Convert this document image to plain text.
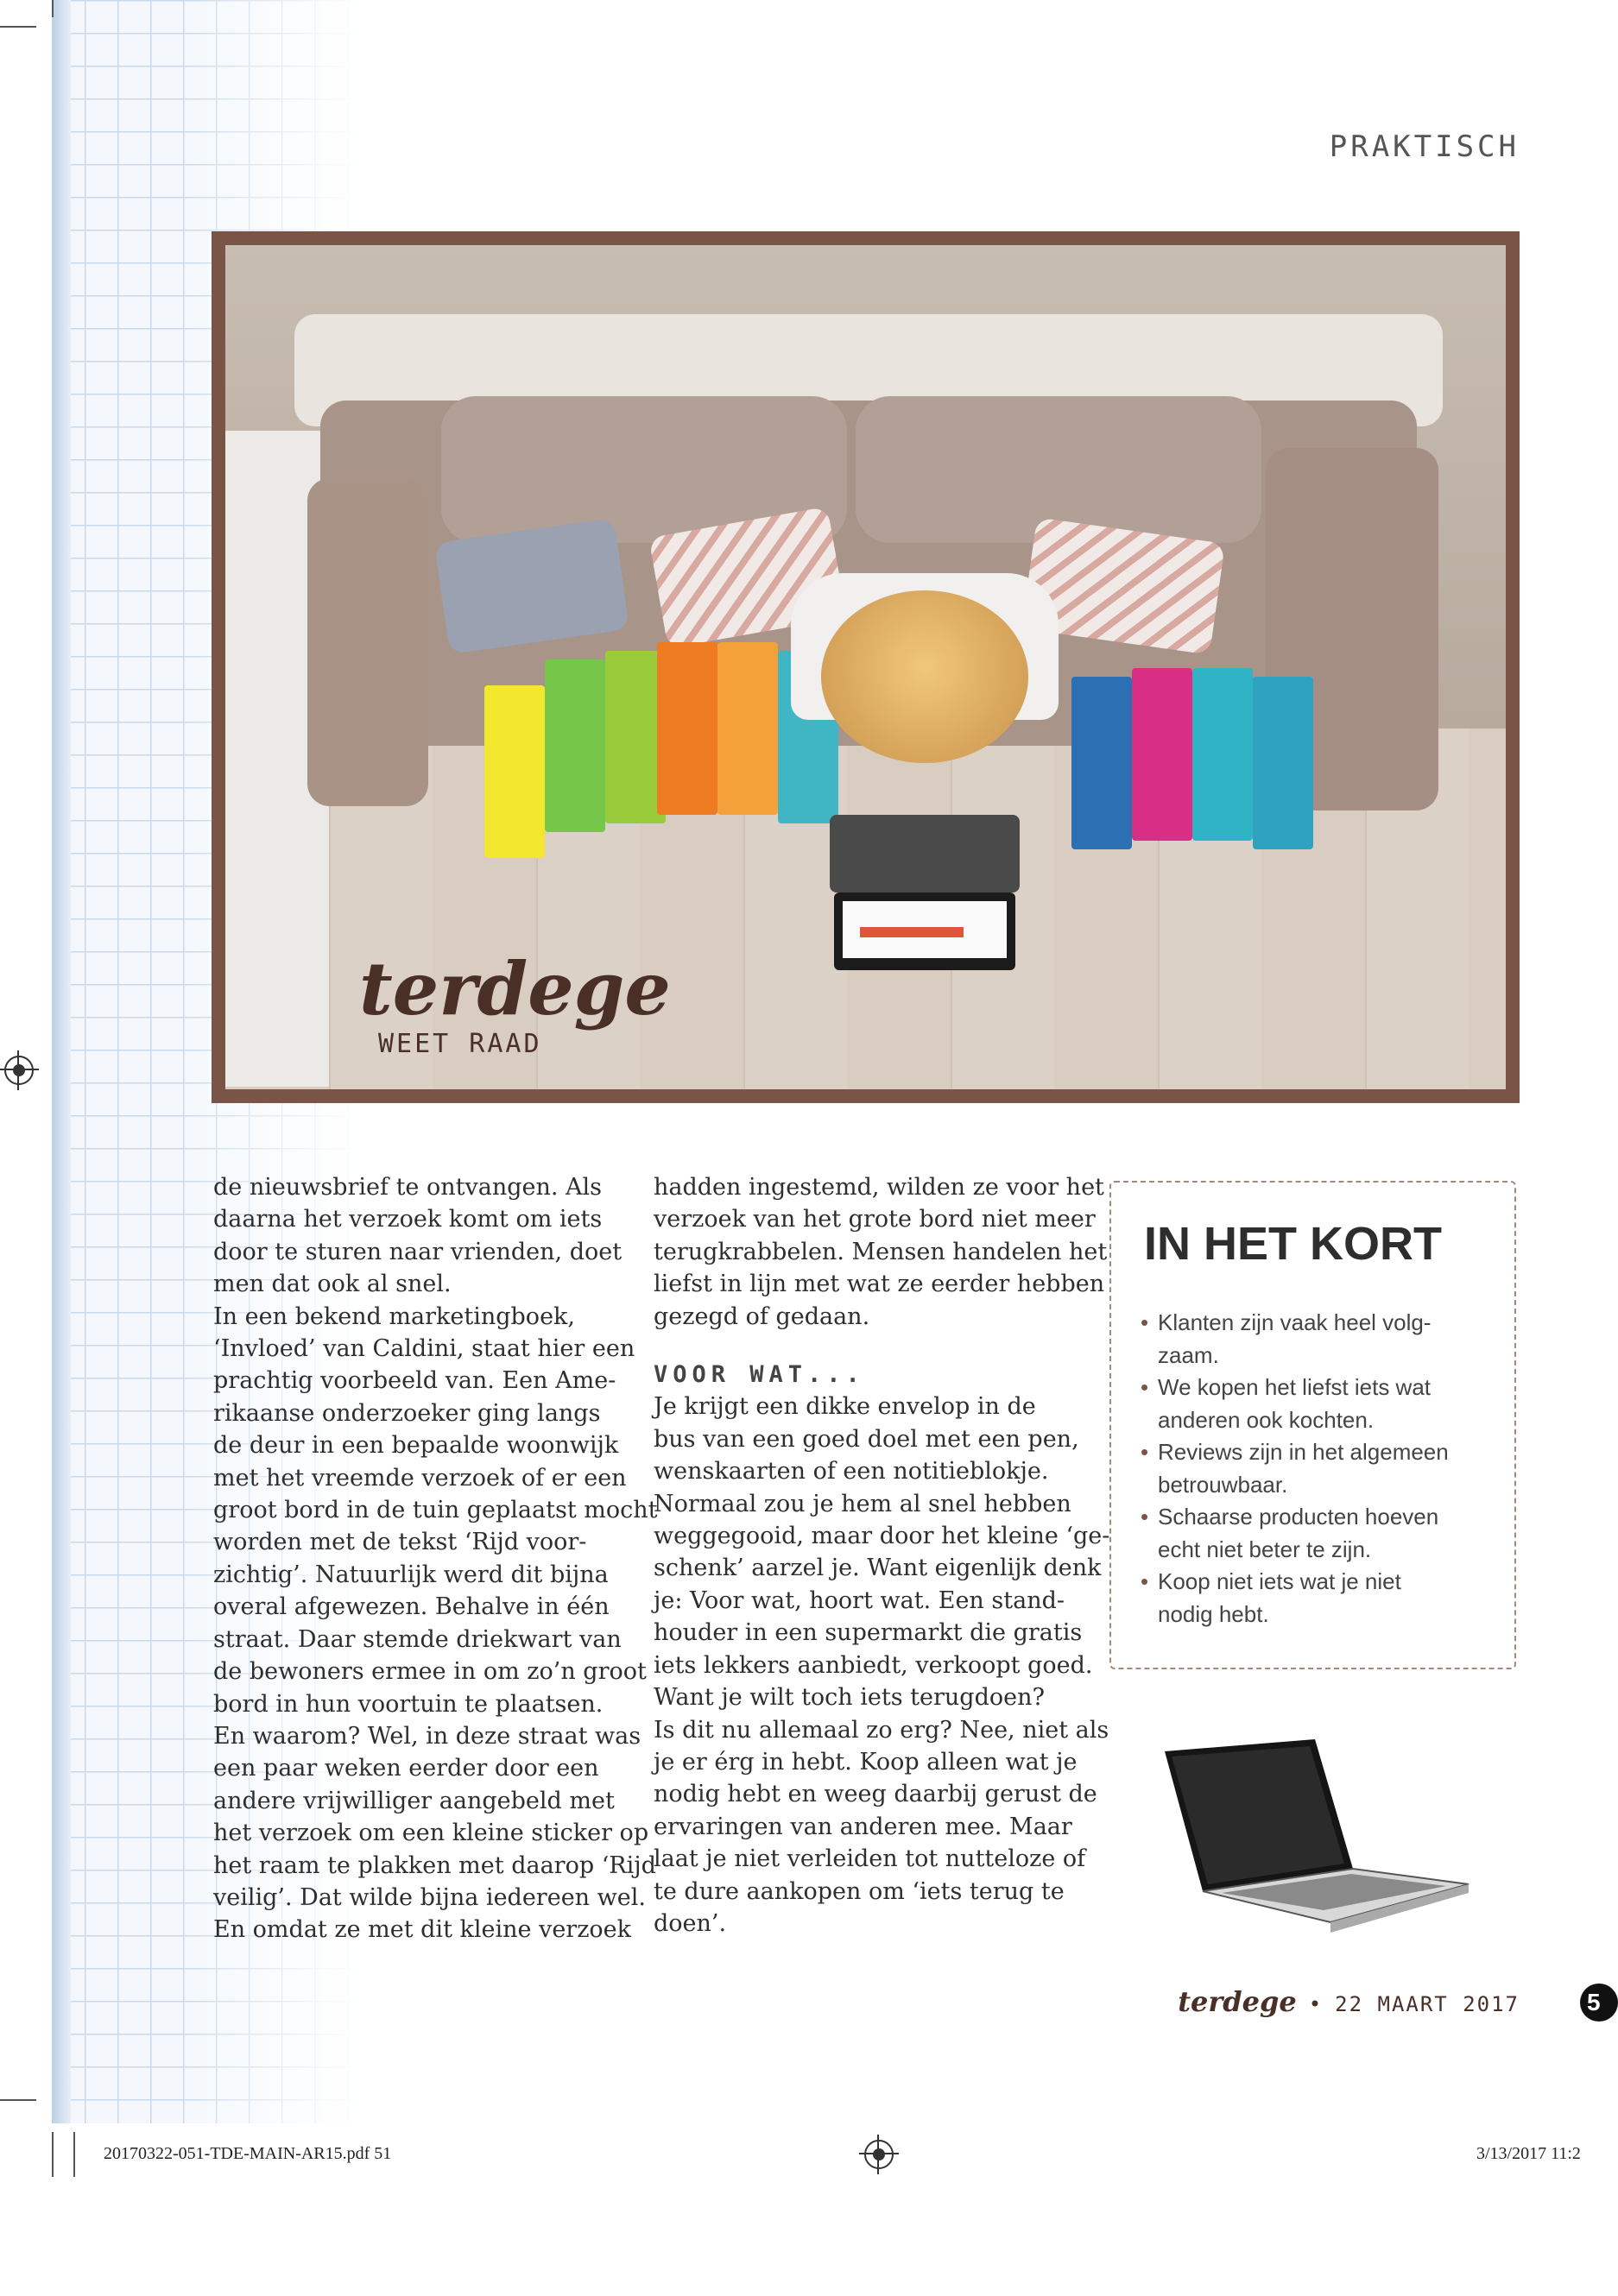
PRAKTISCH
terdege
WEET RAAD
de nieuwsbrief te ontvangen. Als
daarna het verzoek komt om iets
door te sturen naar vrienden, doet
men dat ook al snel.
In een bekend marketingboek,
‘Invloed’ van Caldini, staat hier een
prachtig voorbeeld van. Een Ame-
rikaanse onderzoeker ging langs
de deur in een bepaalde woonwijk
met het vreemde verzoek of er een
groot bord in de tuin geplaatst mocht
worden met de tekst ‘Rijd voor-
zichtig’. Natuurlijk werd dit bijna
overal afgewezen. Behalve in één
straat. Daar stemde driekwart van
de bewoners ermee in om zo’n groot
bord in hun voortuin te plaatsen.
En waarom? Wel, in deze straat was
een paar weken eerder door een
andere vrijwilliger aangebeld met
het verzoek om een kleine sticker op
het raam te plakken met daarop ‘Rijd
veilig’. Dat wilde bijna iedereen wel.
En omdat ze met dit kleine verzoek
hadden ingestemd, wilden ze voor het
verzoek van het grote bord niet meer
terugkrabbelen. Mensen handelen het
liefst in lijn met wat ze eerder hebben
gezegd of gedaan.
VOOR WAT...
Je krijgt een dikke envelop in de
bus van een goed doel met een pen,
wenskaarten of een notitieblokje.
Normaal zou je hem al snel hebben
weggegooid, maar door het kleine ‘ge-
schenk’ aarzel je. Want eigenlijk denk
je: Voor wat, hoort wat. Een stand-
houder in een supermarkt die gratis
iets lekkers aanbiedt, verkoopt goed.
Want je wilt toch iets terugdoen?
Is dit nu allemaal zo erg? Nee, niet als
je er érg in hebt. Koop alleen wat je
nodig hebt en weeg daarbij gerust de
ervaringen van anderen mee. Maar
laat je niet verleiden tot nutteloze of
te dure aankopen om ‘iets terug te
doen’.
IN HET KORT
• Klanten zijn vaak heel volg-
zaam.
• We kopen het liefst iets wat
anderen ook kochten.
• Reviews zijn in het algemeen
betrouwbaar.
• Schaarse producten hoeven
echt niet beter te zijn.
• Koop niet iets wat je niet
nodig hebt.
terdege • 22 MAART 2017	5
20170322-051-TDE-MAIN-AR15.pdf 51	3/13/2017 11:2
